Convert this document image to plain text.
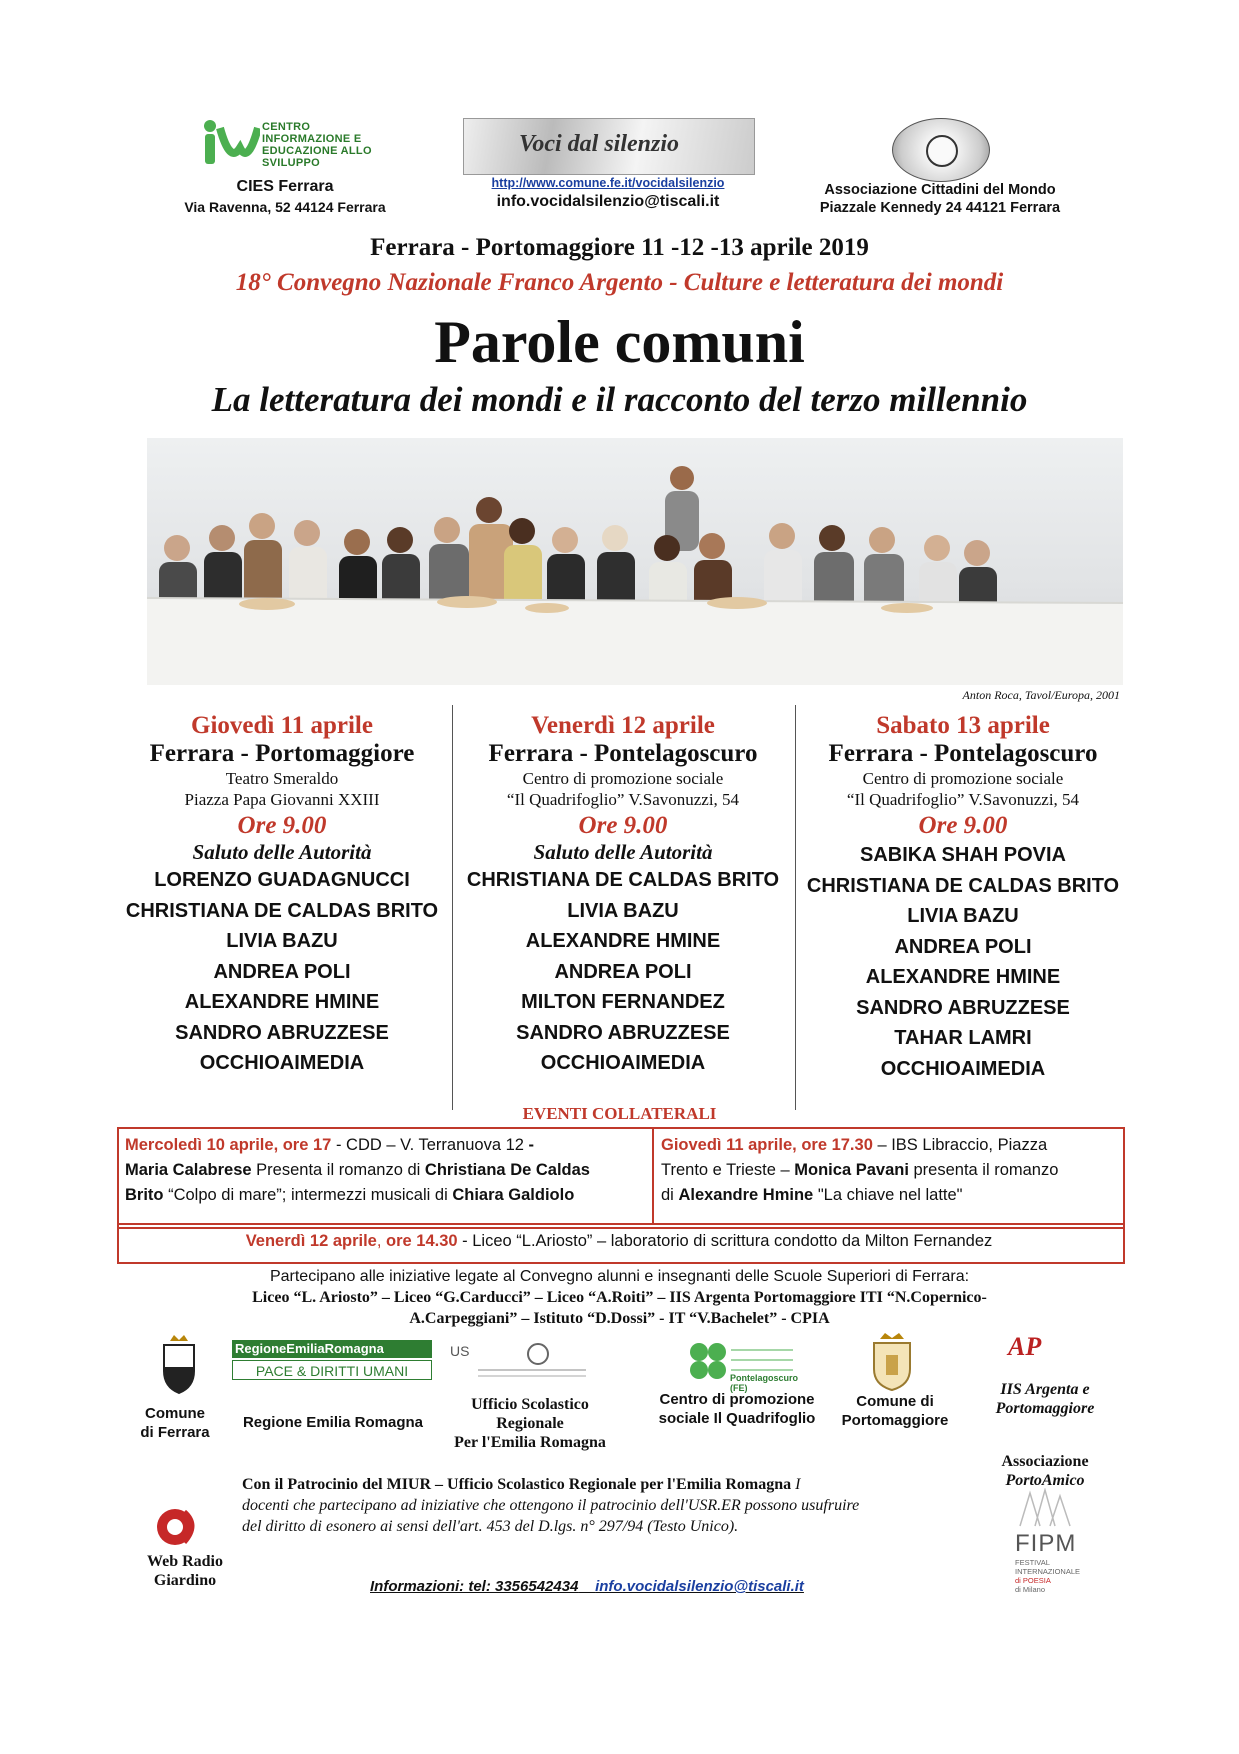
CENTRO
INFORMAZIONE E
EDUCAZIONE ALLO
SVILUPPO
CIES Ferrara
Via Ravenna, 52 44124 Ferrara
Voci dal silenzio
http://www.comune.fe.it/vocidalsilenzio
info.vocidalsilenzio@tiscali.it
Associazione Cittadini del Mondo
Piazzale Kennedy 24 44121 Ferrara
Ferrara - Portomaggiore 11 -12 -13 aprile 2019
18° Convegno Nazionale Franco Argento - Culture e letteratura dei mondi
Parole comuni
La letteratura dei mondi e il racconto del terzo millennio
Anton Roca, Tavol/Europa, 2001
Giovedì 11 aprile
Ferrara - Portomaggiore
Teatro Smeraldo
Piazza Papa Giovanni XXIII
Ore 9.00
Saluto delle Autorità
LORENZO GUADAGNUCCI
CHRISTIANA DE CALDAS BRITO
LIVIA BAZU
ANDREA POLI
ALEXANDRE HMINE
SANDRO ABRUZZESE
OCCHIOAIMEDIA
Venerdì 12 aprile
Ferrara - Pontelagoscuro
Centro di promozione sociale
“Il Quadrifoglio” V.Savonuzzi, 54
Ore 9.00
Saluto delle Autorità
CHRISTIANA DE CALDAS BRITO
LIVIA BAZU
ALEXANDRE HMINE
ANDREA POLI
MILTON FERNANDEZ
SANDRO ABRUZZESE
OCCHIOAIMEDIA
Sabato 13 aprile
Ferrara - Pontelagoscuro
Centro di promozione sociale
“Il Quadrifoglio” V.Savonuzzi, 54
Ore 9.00
SABIKA SHAH POVIA
CHRISTIANA DE CALDAS BRITO
LIVIA BAZU
ANDREA POLI
ALEXANDRE HMINE
SANDRO ABRUZZESE
TAHAR LAMRI
OCCHIOAIMEDIA
EVENTI COLLATERALI
Mercoledì 10 aprile, ore 17 - CDD – V. Terranuova 12 -
Maria Calabrese Presenta il romanzo di Christiana De Caldas
Brito “Colpo di mare”; intermezzi musicali di Chiara Galdiolo
Giovedì 11 aprile, ore 17.30 – IBS Libraccio, Piazza
Trento e Trieste – Monica Pavani presenta il romanzo
di Alexandre Hmine "La chiave nel latte"
Venerdì 12 aprile, ore 14.30 - Liceo “L.Ariosto” – laboratorio di scrittura condotto da Milton Fernandez
Partecipano alle iniziative legate al Convegno alunni e insegnanti delle Scuole Superiori di Ferrara:
Liceo “L. Ariosto” – Liceo “G.Carducci” – Liceo “A.Roiti” – IIS Argenta Portomaggiore ITI “N.Copernico-
A.Carpeggiani” – Istituto “D.Dossi” - IT “V.Bachelet” - CPIA
Comune
di Ferrara
RegioneEmiliaRomagna
PACE & DIRITTI UMANI
Regione Emilia Romagna
US
Ufficio Scolastico
Regionale
Per l'Emilia Romagna
Pontelagoscuro (FE)
Centro di promozione
sociale Il Quadrifoglio
Comune di
Portomaggiore
AP
IIS Argenta e
Portomaggiore
Associazione
PortoAmico
Con il Patrocinio del MIUR – Ufficio Scolastico Regionale per l'Emilia Romagna I
docenti che partecipano ad iniziative che ottengono il patrocinio dell'USR.ER possono usufruire
del diritto di esonero ai sensi dell'art. 453 del D.lgs. n° 297/94 (Testo Unico).
Web Radio
Giardino
FIPM
FESTIVAL
INTERNAZIONALE
di POESIA
di Milano
Informazioni: tel: 3356542434 info.vocidalsilenzio@tiscali.it
